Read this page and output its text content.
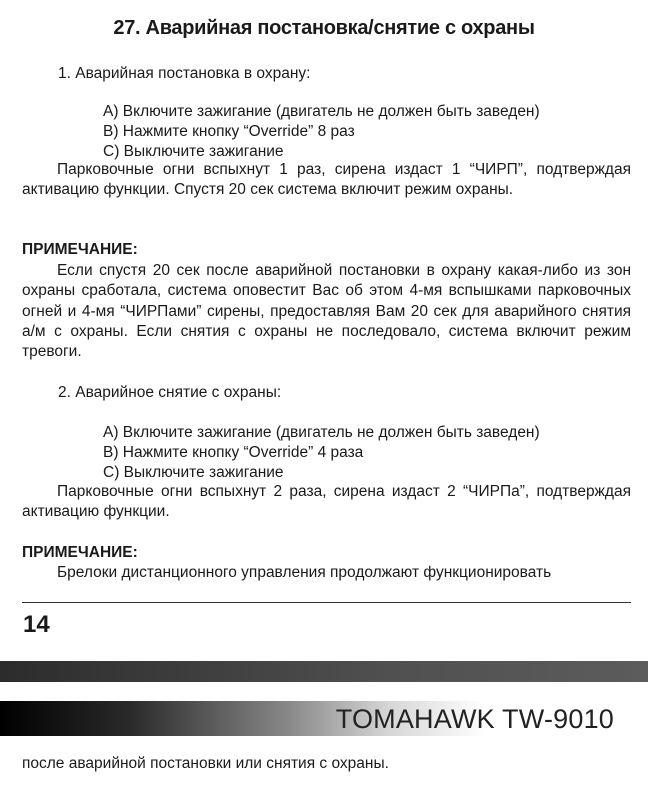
27. Аварийная постановка/снятие с охраны
1. Аварийная постановка в охрану:
А) Включите зажигание (двигатель не должен быть заведен)
В) Нажмите кнопку “Override” 8 раз
С) Выключите зажигание
Парковочные огни вспыхнут 1 раз, сирена издаст 1 “ЧИРП”, подтверждая активацию функции. Спустя 20 сек система включит режим охраны.
ПРИМЕЧАНИЕ:
Если спустя 20 сек после аварийной постановки в охрану какая-либо из зон охраны сработала, система оповестит Вас об этом 4-мя вспышками парковочных огней и 4-мя “ЧИРПами” сирены, предоставляя Вам 20 сек для аварийного снятия а/м с охраны. Если снятия с охраны не последовало, система включит режим тревоги.
2. Аварийное снятие с охраны:
А) Включите зажигание (двигатель не должен быть заведен)
В) Нажмите кнопку “Override” 4 раза
С) Выключите зажигание
Парковочные огни вспыхнут 2 раза, сирена издаст 2 “ЧИРПа”, подтверждая активацию функции.
ПРИМЕЧАНИЕ:
Брелоки дистанционного управления продолжают функционировать
14
TOMAHAWK TW-9010
после аварийной постановки или снятия с охраны.
